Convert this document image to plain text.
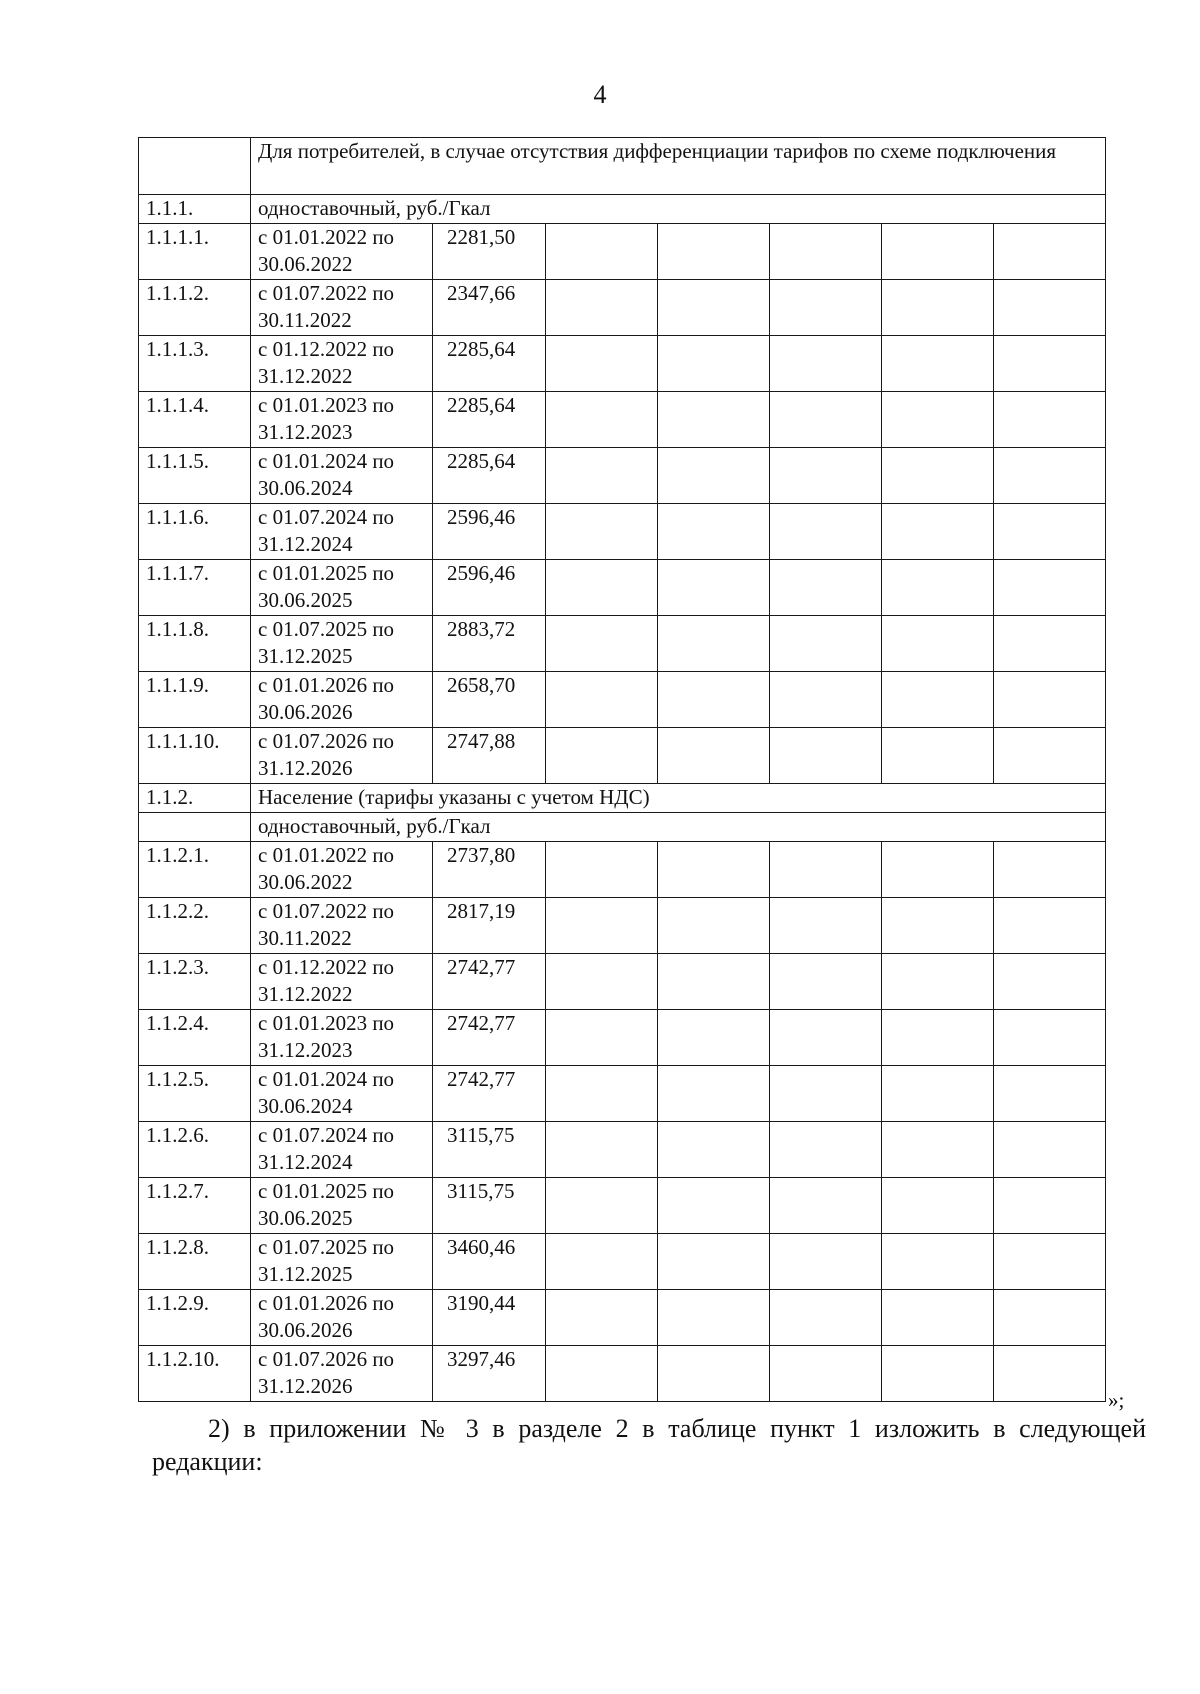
4
	Для потребителей, в случае отсутствия дифференциации тарифов по схеме подключения						
1.1.1.	одноставочный, руб./Гкал						
1.1.1.1.	с 01.01.2022 по 30.06.2022	2281,50					
1.1.1.2.	с 01.07.2022 по 30.11.2022	2347,66					
1.1.1.3.	с 01.12.2022 по 31.12.2022	2285,64					
1.1.1.4.	с 01.01.2023 по 31.12.2023	2285,64					
1.1.1.5.	с 01.01.2024 по 30.06.2024	2285,64					
1.1.1.6.	с 01.07.2024 по 31.12.2024	2596,46					
1.1.1.7.	с 01.01.2025 по 30.06.2025	2596,46					
1.1.1.8.	с 01.07.2025 по 31.12.2025	2883,72					
1.1.1.9.	с 01.01.2026 по 30.06.2026	2658,70					
1.1.1.10.	с 01.07.2026 по 31.12.2026	2747,88					
1.1.2.	Население (тарифы указаны с учетом НДС)						
	одноставочный, руб./Гкал						
1.1.2.1.	с 01.01.2022 по 30.06.2022	2737,80					
1.1.2.2.	с 01.07.2022 по 30.11.2022	2817,19					
1.1.2.3.	с 01.12.2022 по 31.12.2022	2742,77					
1.1.2.4.	с 01.01.2023 по 31.12.2023	2742,77					
1.1.2.5.	с 01.01.2024 по 30.06.2024	2742,77					
1.1.2.6.	с 01.07.2024 по 31.12.2024	3115,75					
1.1.2.7.	с 01.01.2025 по 30.06.2025	3115,75					
1.1.2.8.	с 01.07.2025 по 31.12.2025	3460,46					
1.1.2.9.	с 01.01.2026 по 30.06.2026	3190,44					
1.1.2.10.	с 01.07.2026 по 31.12.2026	3297,46					
»;

2) в приложении № 3 в разделе 2 в таблице пункт 1 изложить в следующей редакции:
